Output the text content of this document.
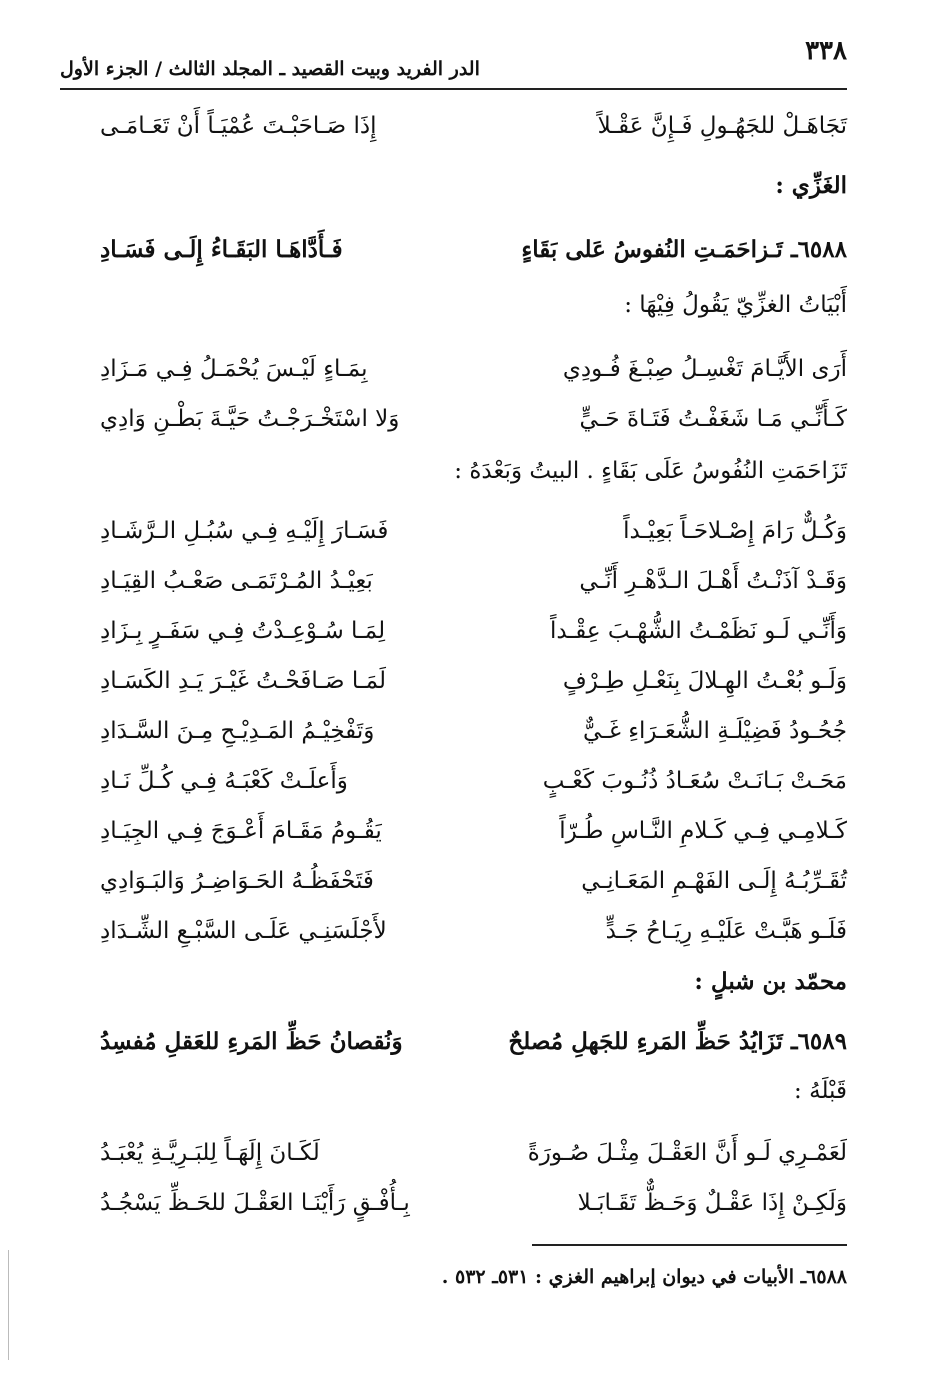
٣٣٨
الدر الفريد وبيت القصيد ـ المجلد الثالث / الجزء الأول
تَجَاهَـلْ للجَهُـولِ فَـإِنَّ عَقْـلاً
إِذَا صَـاحَبْـتَ عُمْيَـاً أَنْ تَعَـامَـى
الغَزِّي :
٦٥٨٨ـ تَـزاحَمَـتِ النُفوسُ عَلى بَقَاءٍ
فَـأَدَّاهَـا البَقَـاءُ إِلَـى فَسَـادِ
أَبْيَاتُ الغزِّيّ يَقُولُ فِيْهَا :
أَرَى الأَيَّـامَ تَغْسِـلُ صِبْـغَ فُـودِي
بِمَـاءٍ لَيْـسَ يُحْمَـلُ فِـي مَـزَادِ
كَـأَنِّـي مَـا شَغَفْـتُ فَتَـاةَ حَـيٍّ
وَلا اسْتَخْـرَجْـتُ حَيَّـةَ بَطْـنِ وَادِي
تَزَاحَمَتِ النُفُوسُ عَلَى بَقَاءٍ . البيتُ وَبَعْدَهُ :
وَكُـلٌّ رَامَ إِصْـلاحَـاً بَعِيْـداً
فَسَـارَ إِلَيْـهِ فِـي سُبُـلِ الـرَّشَـادِ
وَقَـدْ آذَنْـتُ أَهْـلَ الـدَّهْـرِ أَنِّـي
بَعِيْـدُ المُـرْتَمَـى صَعْـبُ القِيَـادِ
وَأَنِّـي لَـو نَظَمْـتُ الشُّهْـبَ عِقْـداً
لِمَـا سُـوْعِـدْتُ فِـي سَفَـرٍ بِـزَادِ
وَلَـو بُعْـتُ الهِـلالَ بِنَعْـلِ طِـرْفٍ
لَمَـا صَـافَحْـتُ غَيْـرَ يَـدِ الكَسَـادِ
جُحُـودُ فَضِيْلَـةِ الشُّعَـرَاءِ غَـيٌّ
وَتَفْخِيْـمُ المَـدِيْـحِ مِـنَ السَّـدَادِ
مَحَـتْ بَـانَـتْ سُعَـادُ ذُنُـوبَ كَعْـبٍ
وَأَعلَـتْ كَعْبَـهُ فِـي كُـلِّ نَـادِ
كَـلامِـي فِـي كَـلامِ النَّـاسِ طُـرّاً
يَقُـومُ مَقَـامَ أَعْـوَجَ فِـي الجِيَـادِ
تُقَـرِّبُـهُ إِلَـى الفَهْـمِ المَعَـانِـي
فَتَحْفَظُـهُ الحَـوَاضِـرُ وَالبَـوَادِي
فَلَـو هَبَّـتْ عَلَيْـهِ رِيَـاحُ جَـدٍّ
لأَجْلَسَنِـي عَلَـى السَّبْـعِ الشِّـدَادِ
محمّد بن شبلٍ :
٦٥٨٩ـ تَزَايُدُ حَظِّ المَرءِ للجَهلِ مُصلحٌ
وَنُقصانُ حَظِّ المَرءِ للعَقلِ مُفسِدُ
قَبْلَهُ :
لَعَمْـرِي لَـو أَنَّ العَقْـلَ مِثْـلَ صُـورَةً
لَكَـانَ إِلَهَـاً لِلبَـرِيَّـةِ يُعْبَـدُ
وَلَكِـنْ إِذَا عَقْـلٌ وَحَـظٌّ تَقَـابَـلا
بِـأُفْـقٍ رَأَيْنَـا العَقْـلَ للحَـظِّ يَسْجُـدُ
٦٥٨٨ـ الأبيات في ديوان إبراهيم الغزي : ٥٣١ـ ٥٣٢ .
